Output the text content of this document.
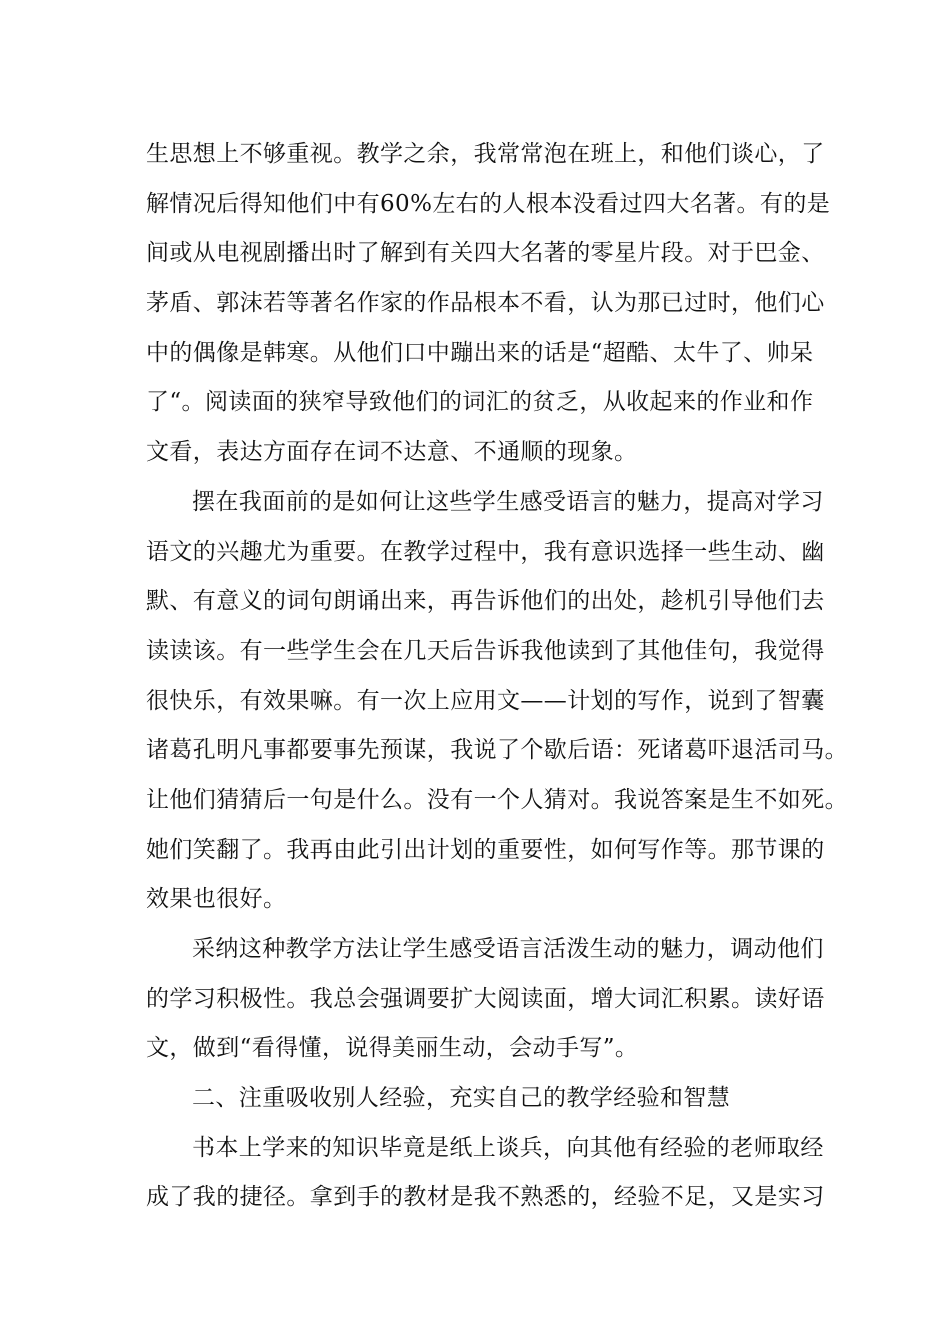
生思想上不够重视。教学之余，我常常泡在班上，和他们谈心，了
解情况后得知他们中有60%左右的人根本没看过四大名著。有的是
间或从电视剧播出时了解到有关四大名著的零星片段。对于巴金、
茅盾、郭沫若等著名作家的作品根本不看，认为那已过时，他们心
中的偶像是韩寒。从他们口中蹦出来的话是“超酷、太牛了、帅呆
了“。阅读面的狭窄导致他们的词汇的贫乏，从收起来的作业和作
文看，表达方面存在词不达意、不通顺的现象。
摆在我面前的是如何让这些学生感受语言的魅力，提高对学习
语文的兴趣尤为重要。在教学过程中，我有意识选择一些生动、幽
默、有意义的词句朗诵出来，再告诉他们的出处，趁机引导他们去
读读该。有一些学生会在几天后告诉我他读到了其他佳句，我觉得
很快乐，有效果嘛。有一次上应用文——计划的写作，说到了智囊
诸葛孔明凡事都要事先预谋，我说了个歇后语：死诸葛吓退活司马。
让他们猜猜后一句是什么。没有一个人猜对。我说答案是生不如死。
她们笑翻了。我再由此引出计划的重要性，如何写作等。那节课的
效果也很好。
采纳这种教学方法让学生感受语言活泼生动的魅力，调动他们
的学习积极性。我总会强调要扩大阅读面，增大词汇积累。读好语
文，做到“看得懂，说得美丽生动，会动手写”。
二、注重吸收别人经验，充实自己的教学经验和智慧
书本上学来的知识毕竟是纸上谈兵，向其他有经验的老师取经
成了我的捷径。拿到手的教材是我不熟悉的，经验不足，又是实习
